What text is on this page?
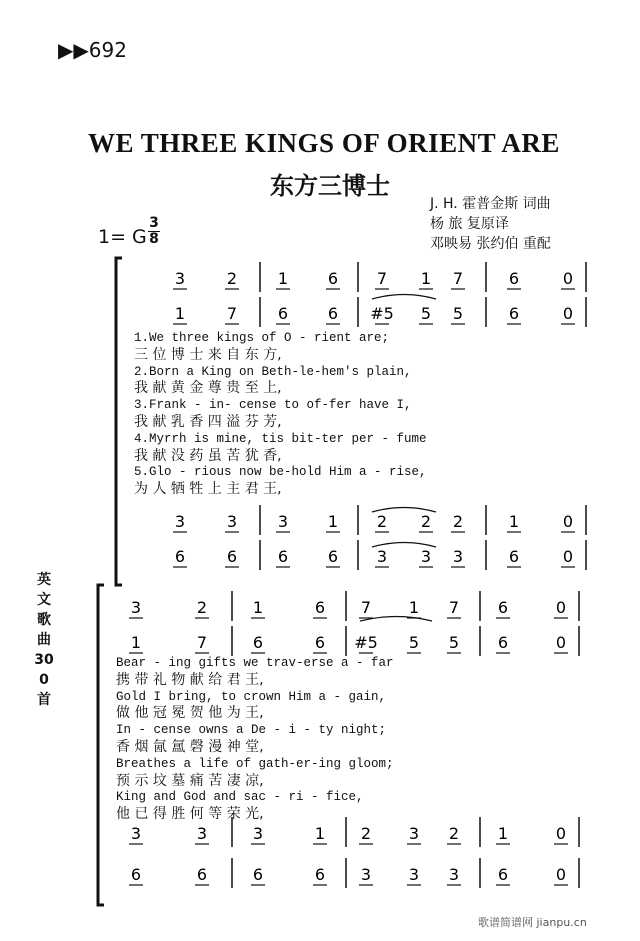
▶▶692
WE THREE KINGS OF ORIENT ARE
东方三博士
J. H. 霍普金斯 词曲
杨 旅 复原译
邓映易 张约伯 重配
1= G
3
8
3	2	1 6 7 1 7	6	0
1	7	6 6 #5 5 5	6	0
3	3	3 1 2 2 2	1	0
6	6	6 6 3 3 3	6	0
3	2	1	6 7 1 7 6	0
1	7	6	6 #5 5 5 6	0
3	3	3	1 2 3 2 1	0
6	6	6	6 3 3 3 6	0
1.We three kings of O - rient are;
三 位 博 士 来 自 东 方,
2.Born a King on Beth-le-hem's plain,
我 献 黄 金 尊 贵 至 上,
3.Frank - in- cense to of-fer have I,
我 献 乳 香 四 溢 芬 芳,
4.Myrrh is mine, tis bit-ter per - fume
我 献 没 药 虽 苦 犹 香,
5.Glo - rious now be-hold Him a - rise,
为 人 牺 牲 上 主 君 王,
Bear - ing gifts we trav-erse a - far
携 带 礼 物 献 给 君 王,
Gold I bring, to crown Him a - gain,
做 他 冠 冕 贺 他 为 王,
In - cense owns a De - i - ty night;
香 烟 氤 氲 磬 漫 神 堂,
Breathes a life of gath-er-ing gloom;
预 示 坟 墓 痛 苦 凄 凉,
King and God and sac - ri - fice,
他 已 得 胜 何 等 荣 光,
英文歌曲300首
歌谱简谱网 jianpu.cn
